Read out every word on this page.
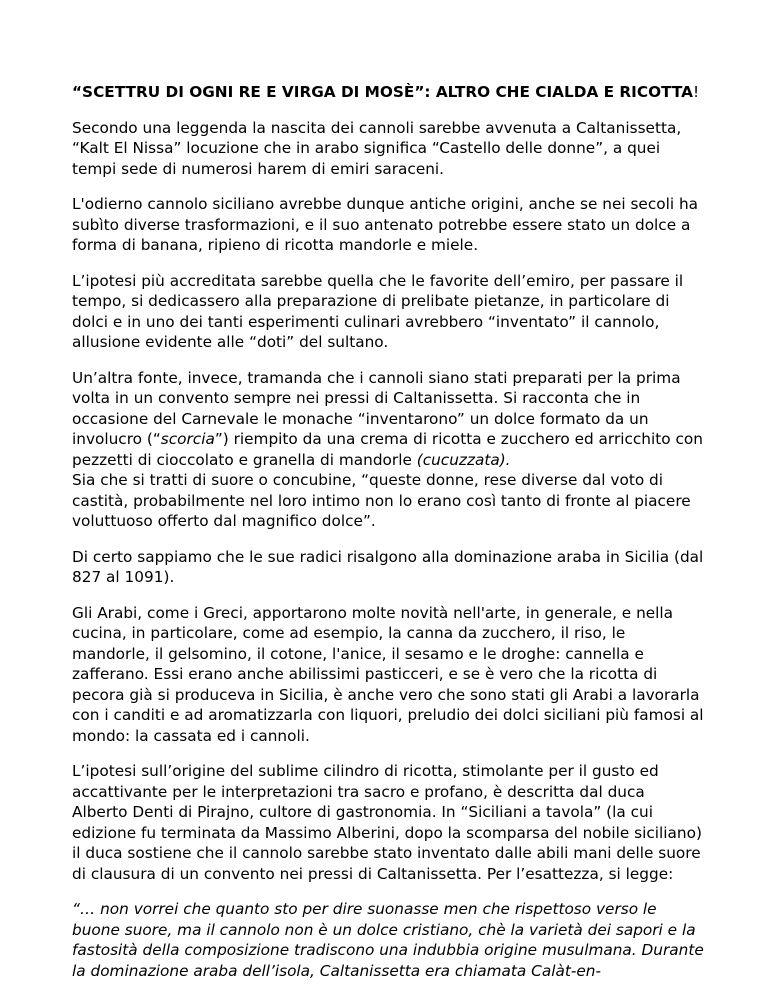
“SCETTRU DI OGNI RE E VIRGA DI MOSÈ”: ALTRO CHE CIALDA E RICOTTA!

Secondo una leggenda la nascita dei cannoli sarebbe avvenuta a Caltanissetta, “Kalt El Nissa” locuzione che in arabo significa “Castello delle donne”, a quei tempi sede di numerosi harem di emiri saraceni.

L'odierno cannolo siciliano avrebbe dunque antiche origini, anche se nei secoli ha subìto diverse trasformazioni, e il suo antenato potrebbe essere stato un dolce a forma di banana, ripieno di ricotta mandorle e miele.

L’ipotesi più accreditata sarebbe quella che le favorite dell’emiro, per passare il tempo, si dedicassero alla preparazione di prelibate pietanze, in particolare di dolci e in uno dei tanti esperimenti culinari avrebbero “inventato” il cannolo, allusione evidente alle “doti” del sultano.

Un’altra fonte, invece, tramanda che i cannoli siano stati preparati per la prima volta in un convento sempre nei pressi di Caltanissetta. Si racconta che in occasione del Carnevale le monache “inventarono” un dolce formato da un involucro (“scorcia”) riempito da una crema di ricotta e zucchero ed arricchito con pezzetti di cioccolato e granella di mandorle (cucuzzata).

Sia che si tratti di suore o concubine, “queste donne, rese diverse dal voto di castità, probabilmente nel loro intimo non lo erano così tanto di fronte al piacere voluttuoso offerto dal magnifico dolce”.

Di certo sappiamo che le sue radici risalgono alla dominazione araba in Sicilia (dal 827 al 1091).

Gli Arabi, come i Greci, apportarono molte novità nell'arte, in generale, e nella cucina, in particolare, come ad esempio, la canna da zucchero, il riso, le mandorle, il gelsomino, il cotone, l'anice, il sesamo e le droghe: cannella e zafferano. Essi erano anche abilissimi pasticceri, e se è vero che la ricotta di pecora già si produceva in Sicilia, è anche vero che sono stati gli Arabi a lavorarla con i canditi e ad aromatizzarla con liquori, preludio dei dolci siciliani più famosi al mondo: la cassata ed i cannoli.

L’ipotesi sull’origine del sublime cilindro di ricotta, stimolante per il gusto ed accattivante per le interpretazioni tra sacro e profano, è descritta dal duca Alberto Denti di Pirajno, cultore di gastronomia. In “Siciliani a tavola” (la cui edizione fu terminata da Massimo Alberini, dopo la scomparsa del nobile siciliano) il duca sostiene che il cannolo sarebbe stato inventato dalle abili mani delle suore di clausura di un convento nei pressi di Caltanissetta. Per l’esattezza, si legge:

“… non vorrei che quanto sto per dire suonasse men che rispettoso verso le buone suore, ma il cannolo non è un dolce cristiano, chè la varietà dei sapori e la fastosità della composizione tradiscono una indubbia origine musulmana. Durante la dominazione araba dell’isola, Caltanissetta era chiamata Calàt-en-
